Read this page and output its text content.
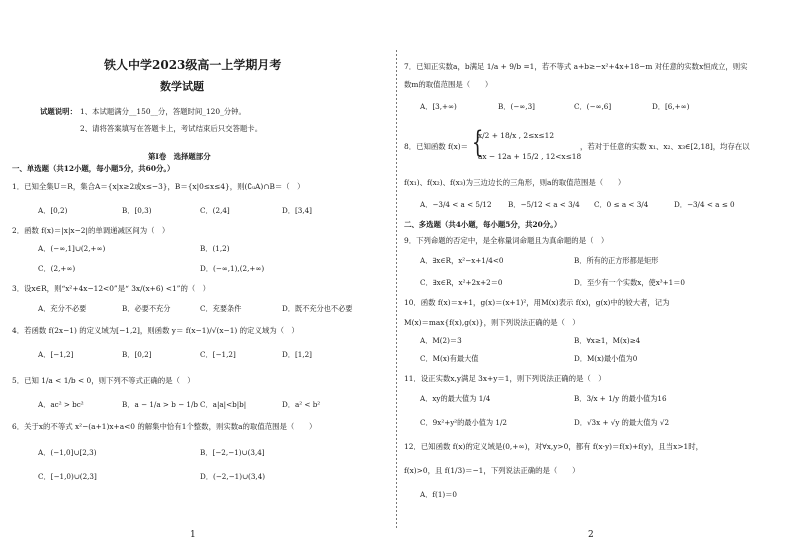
铁人中学2023级高一上学期月考
数学试题
试题说明： 1、本试题满分__150__分，答题时间_120_分钟。
2、请将答案填写在答题卡上，考试结束后只交答题卡。
第Ⅰ卷　选择题部分
一、单选题（共12小题，每小题5分，共60分。）
1．已知全集U＝R，集合A＝{x|x≥2或x≤−3}，B＝{x|0≤x≤4}，则(∁ᵤA)∩B＝（　）
A．[0,2)	B．[0,3)	C．(2,4]	D．[3,4]
2．函数 f(x)＝|x|x−2|的单调递减区间为（　）
A．(−∞,1]∪(2,+∞)	B．(1,2)
C．(2,+∞)	D．(−∞,1),(2,+∞)
3．设x∈R，则“x²+4x−12<0”是“ 3x/(x+6) <1”的（　）
A．充分不必要	B．必要不充分	C．充要条件	D．既不充分也不必要
4．若函数 f(2x−1) 的定义域为[−1,2]，则函数 y＝ f(x−1)/√(x−1) 的定义域为（　）
A．[−1,2]	B．[0,2]	C．[−1,2]	D．[1,2]
5．已知 1/a < 1/b < 0，则下列不等式正确的是（　）
A．ac² > bc²	B．a − 1/a > b − 1/b C．a|a|<b|b|	D．a² < b²
6．关于x的不等式 x²−(a+1)x+a<0 的解集中恰有1个整数，则实数a的取值范围是（　　）
A．(−1,0]∪[2,3)	B．[−2,−1)∪(3,4]
C．[−1,0)∪(2,3]	D．(−2,−1)∪(3,4)
1
7．已知正实数a，b满足 1/a + 9/b =1，若不等式 a+b≥−x²+4x+18−m 对任意的实数x恒成立，则实
数m的取值范围是（　　）
A．[3,+∞)	B．(−∞,3]	C．(−∞,6]	D．[6,+∞)
8．已知函数 f(x)＝ {
x/2 + 18/x , 2≤x≤12
ax − 12a + 15/2 , 12<x≤18
，若对于任意的实数 x₁、x₂、x₃∈[2,18]，均存在以
f(x₁)、f(x₂)、f(x₃)为三边边长的三角形，则a的取值范围是（　　）
A．−3/4 < a < 5/12 B．−5/12 < a < 3/4 C．0 ≤ a < 3/4	D．−3/4 < a ≤ 0
二、多选题（共4小题，每小题5分，共20分。）
9．下列命题的否定中，是全称量词命题且为真命题的是（　）
A．∃x∈R，x²−x+1/4<0	B．所有的正方形都是矩形
C．∃x∈R，x²+2x+2＝0	D．至少有一个实数x，使x³+1＝0
10．函数 f(x)＝x+1，g(x)＝(x+1)²，用M(x)表示 f(x)，g(x)中的较大者，记为
M(x)＝max{f(x),g(x)}，则下列说法正确的是（　）
A．M(2)＝3	B．∀x≥1，M(x)≥4
C．M(x)有最大值	D．M(x)最小值为0
11．设正实数x,y满足 3x+y＝1，则下列说法正确的是（　）
A．xy的最大值为 1/4	B．3/x + 1/y 的最小值为16
C．9x²+y²的最小值为 1/2	D．√3x + √y 的最大值为 √2
12．已知函数 f(x)的定义域是(0,+∞)，对∀x,y>0，都有 f(x·y)＝f(x)+f(y)，且当x>1时，
f(x)>0，且 f(1/3)＝−1，下列说法正确的是（　　）
A．f(1)＝0
2
